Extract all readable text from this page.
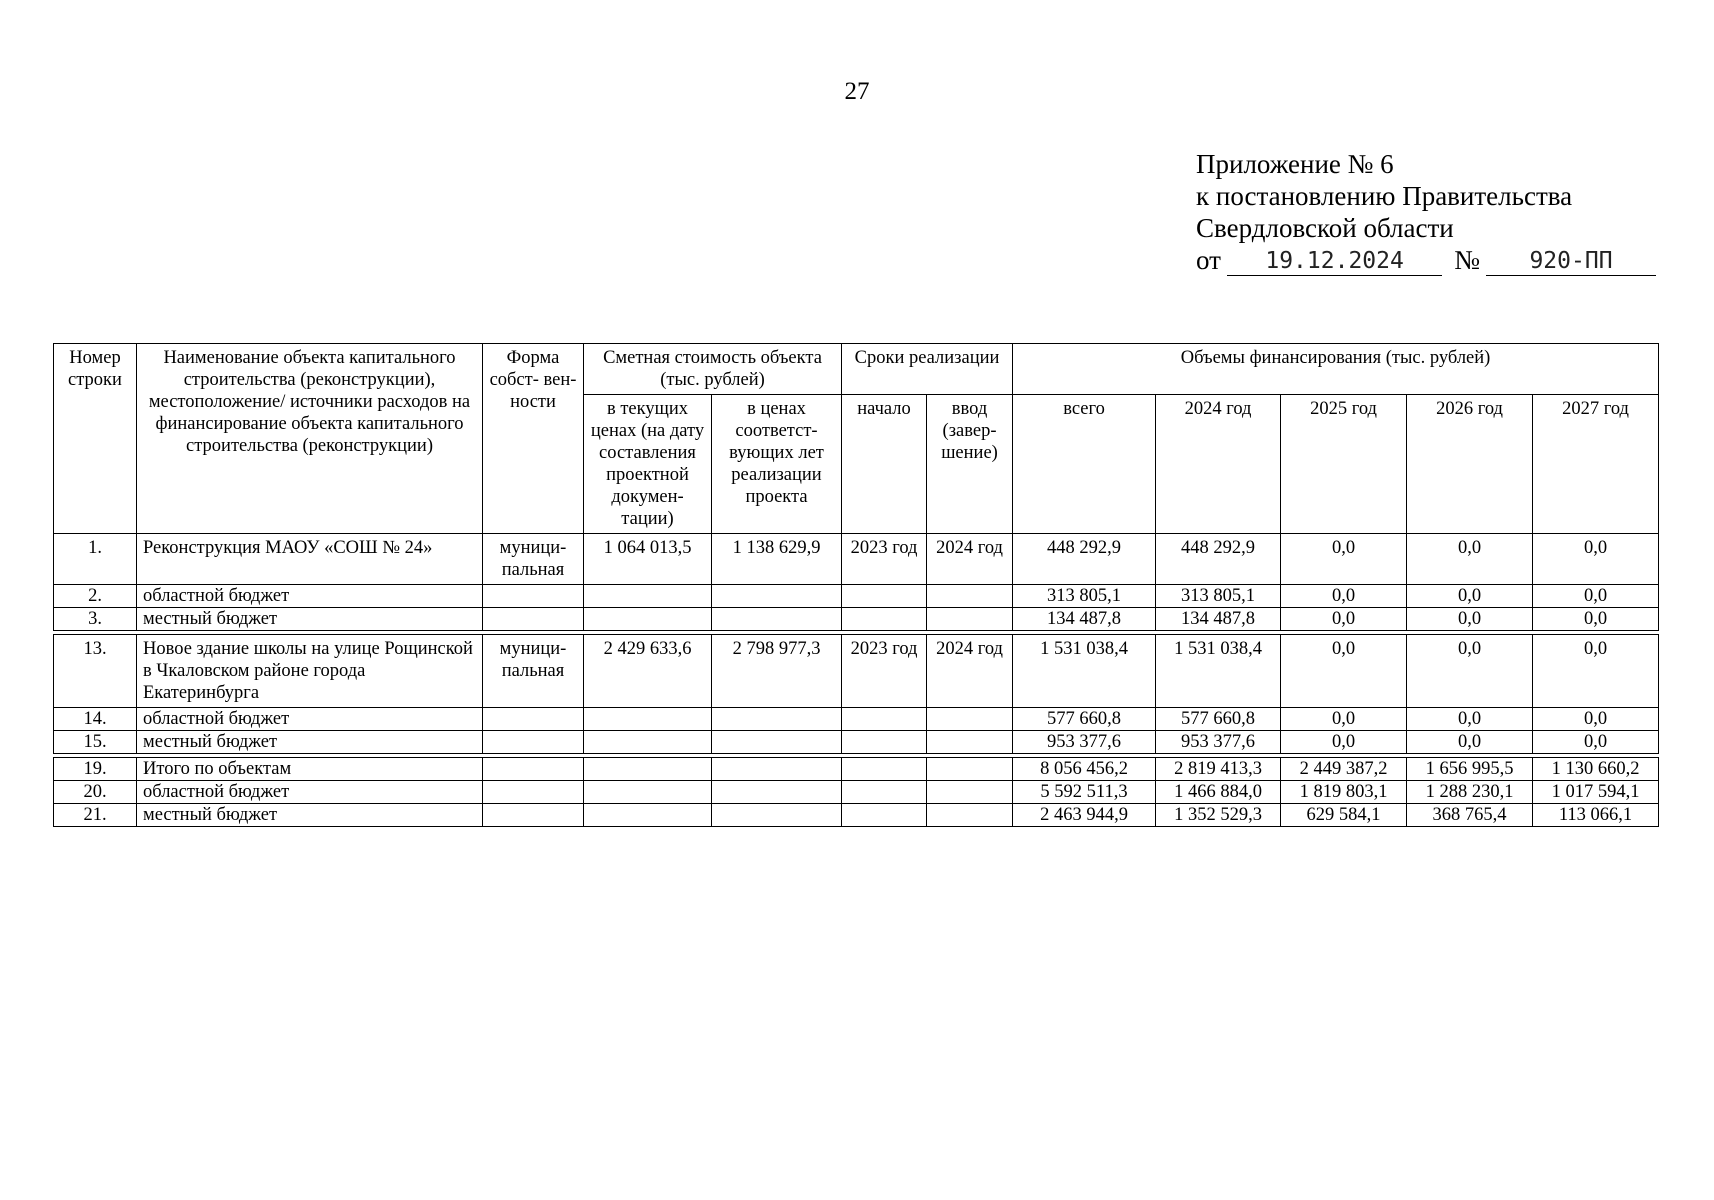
27
Приложение № 6
к постановлению Правительства
Свердловской области
от	19.12.2024	№	920-ПП
Номер строки	Наименование объекта капитального строительства (реконструкции), местоположение/ источники расходов на финансирование объекта капитального строительства (реконструкции)	Форма собст- вен- ности	Сметная стоимость объекта (тыс. рублей)		Сроки реализации		Объемы финансирования (тыс. рублей)				
			в текущих ценах (на дату составления проектной докумен- тации)	в ценах соответст- вующих лет реализации проекта	начало	ввод (завер- шение)	всего	2024 год	2025 год	2026 год	2027 год
1.	Реконструкция МАОУ «СОШ № 24»	муници- пальная	1 064 013,5	1 138 629,9	2023 год	2024 год	448 292,9	448 292,9	0,0	0,0	0,0
2.	областной бюджет						313 805,1	313 805,1	0,0	0,0	0,0
3.	местный бюджет						134 487,8	134 487,8	0,0	0,0	0,0

13.	Новое здание школы на улице Рощинской в Чкаловском районе города Екатеринбурга	муници- пальная	2 429 633,6	2 798 977,3	2023 год	2024 год	1 531 038,4	1 531 038,4	0,0	0,0	0,0
14.	областной бюджет						577 660,8	577 660,8	0,0	0,0	0,0
15.	местный бюджет						953 377,6	953 377,6	0,0	0,0	0,0

19.	Итого по объектам						8 056 456,2	2 819 413,3	2 449 387,2	1 656 995,5	1 130 660,2
20.	областной бюджет						5 592 511,3	1 466 884,0	1 819 803,1	1 288 230,1	1 017 594,1
21.	местный бюджет						2 463 944,9	1 352 529,3	629 584,1	368 765,4	113 066,1
